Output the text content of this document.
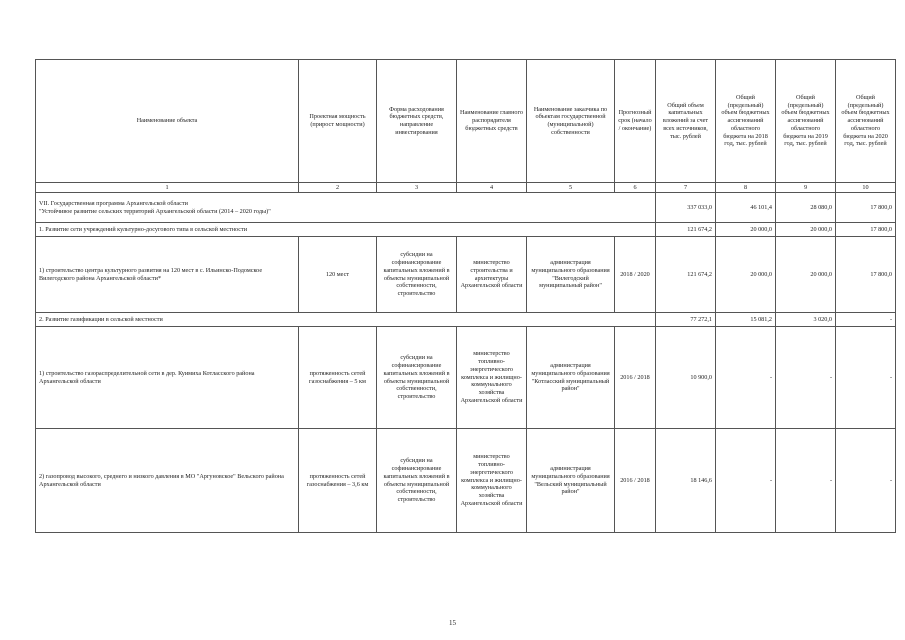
Наименование объекта	Проектная мощность (прирост мощности)	Форма расходования бюджетных средств, направление инвестирования	Наименование главного распорядителя бюджетных средств	Наименование заказчика по объектам государственной (муниципальной) собственности	Прогнозный срок (начало / окончание)	Общий объем капитальных вложений за счет всех источников, тыс. рублей	Общий (предельный) объем бюджетных ассигнований областного бюджета на 2018 год, тыс. рублей	Общий (предельный) объем бюджетных ассигнований областного бюджета на 2019 год, тыс. рублей	Общий (предельный) объем бюджетных ассигнований областного бюджета на 2020 год, тыс. рублей
1	2	3	4	5	6	7	8	9	10

VII. Государственная программа Архангельской области
"Устойчивое развитие сельских территорий Архангельской области (2014 – 2020 годы)"						337 033,0	46 101,4	28 080,0	17 800,0
1. Развитие сети учреждений культурно-досугового типа в сельской местности						121 674,2	20 000,0	20 000,0	17 800,0
1) строительство центра культурного развития на 120 мест в с. Ильинско-Подомское Вилегодского района Архангельской области*	120 мест	субсидии на софинансирование капитальных вложений в объекты муниципальной собственности, строительство	министерство строительства и архитектуры Архангельской области	администрация муниципального образования "Вилегодский муниципальный район"	2018 / 2020	121 674,2	20 000,0	20 000,0	17 800,0
2. Развитие газификации в сельской местности						77 272,1	15 081,2	3 020,0	-
1) строительство газораспределительной сети в дер. Куимиха Котласского района Архангельской области	протяженность сетей газоснабжения – 5 км	субсидии на софинансирование капитальных вложений в объекты муниципальной собственности, строительство	министерство топливно-энергетического комплекса и жилищно-коммунального хозяйства Архангельской области	администрация муниципального образования "Котласский муниципальный район"	2016 / 2018	10 900,0	-	-	-
2) газопровод высокого, среднего и низкого давления в МО "Аргуновское" Вельского района Архангельской области	протяженность сетей газоснабжения – 3,6 км	субсидии на софинансирование капитальных вложений в объекты муниципальной собственности, строительство	министерство топливно-энергетического комплекса и жилищно-коммунального хозяйства Архангельской области	администрация муниципального образования "Вельский муниципальный район"	2016 / 2018	18 146,6	-	-	-
15
